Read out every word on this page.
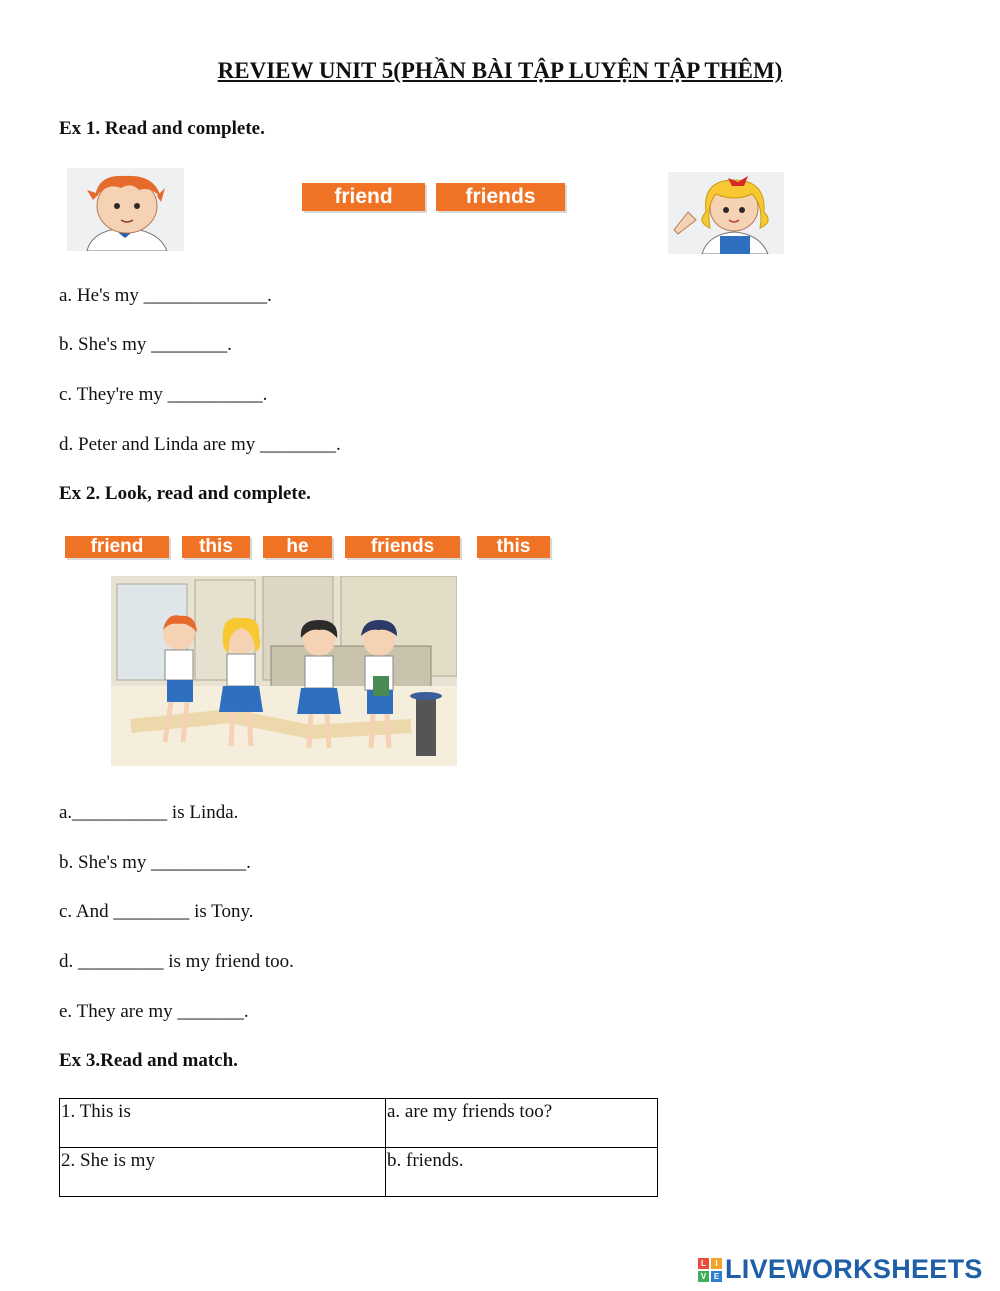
REVIEW UNIT 5(PHẦN BÀI TẬP LUYỆN TẬP THÊM)
Ex 1. Read and complete.
friend	friends
a. He's my _____________.
b. She's my ________.
c. They're my __________.
d. Peter and Linda are my ________.
Ex 2. Look, read and complete.
friend	this	he	friends	this
a.__________ is Linda.
b. She's my __________.
c. And ________ is Tony.
d. _________ is my friend too.
e. They are my _______.
Ex 3.Read and match.
1. This is	a. are my friends too?
2. She is my	b. friends.
L	I
V E LIVEWORKSHEETS
